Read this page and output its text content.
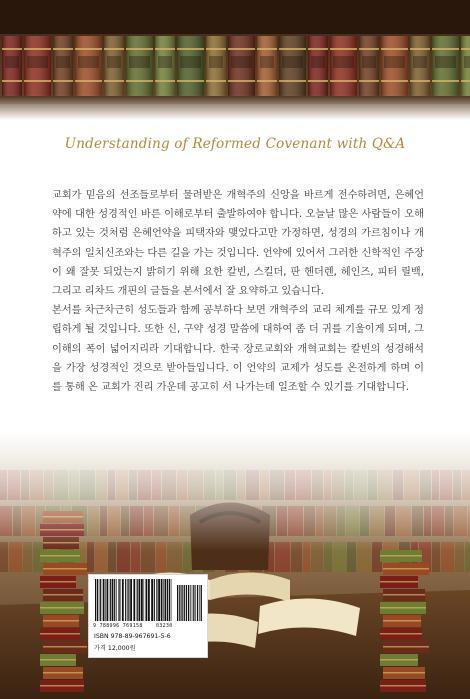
Understanding of Reformed Covenant with Q&A

교회가 믿음의 선조들로부터 물려받은 개혁주의 신앙을 바르게 전수하려면, 은혜언약에 대한 성경적인 바른 이해로부터 출발하여야 합니다. 오늘날 많은 사람들이 오해하고 있는 것처럼 은혜언약을 피택자와 맺었다고만 가정하면, 성경의 가르침이나 개혁주의 일치신조와는 다른 길을 가는 것입니다. 언약에 있어서 그러한 신학적인 주장이 왜 잘못 되었는지 밝히기 위해 요한 칼빈, 스킬더, 판 헨더렌, 헤인즈, 피터 릴백, 그리고 리차드 개핀의 글들을 본서에서 잘 요약하고 있습니다.

본서를 차근차근히 성도들과 함께 공부하다 보면 개혁주의 교리 체계를 규모 있게 정립하게 될 것입니다. 또한 신, 구약 성경 말씀에 대하여 좀 더 귀를 기울이게 되며, 그 이해의 폭이 넓어지리라 기대합니다. 한국 장로교회와 개혁교회는 칼빈의 성경해석을 가장 성경적인 것으로 받아들입니다. 이 언약의 교제가 성도를 온전하게 하며 이를 통해 온 교회가 진리 가운데 공고히 서 나가는데 일조할 수 있기를 기대합니다.

9 788996 769158	03230
ISBN 978-89-967691-5-6
가격 12,000원
